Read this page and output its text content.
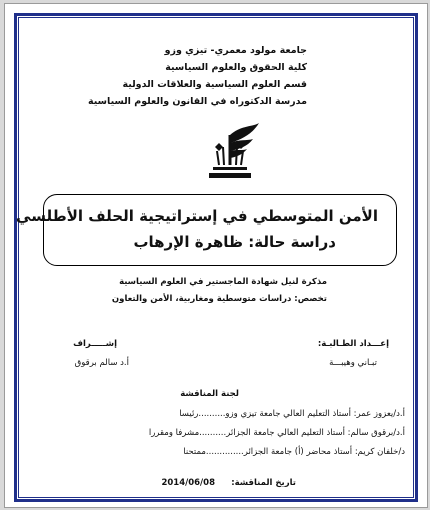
جامعة مولود معمري- تيزي وزو
كلية الحقوق والعلوم السياسية
قسم العلوم السياسية والعلاقات الدولية
مدرسة الدكتوراه في القانون والعلوم السياسية
الأمن المتوسطي في إستراتيجية الحلف الأطلسي
دراسة حالة: ظاهرة الإرهاب
مذكرة لنيل شهادة الماجستير في العلوم السياسية
تخصص: دراسات متوسطية ومغاربية، الأمن والتعاون
إعـــداد الطـالبـة:
تبـاني وهيبـــة
إشـــــراف
أ.د سالم برقوق
لجنة المناقشة
أ.د/يعزوز عمر: أستاذ التعليم العالي جامعة تيزي وزو..........رئيسا
أ.د/برقوق سالم: أستاذ التعليم العالي جامعة الجزائر..........مشرفا ومقررا
د/خلفان كريم: أستاذ محاضر (أ) جامعة الجزائر..............ممتحنا
تاريخ المناقشة:
2014/06/08
